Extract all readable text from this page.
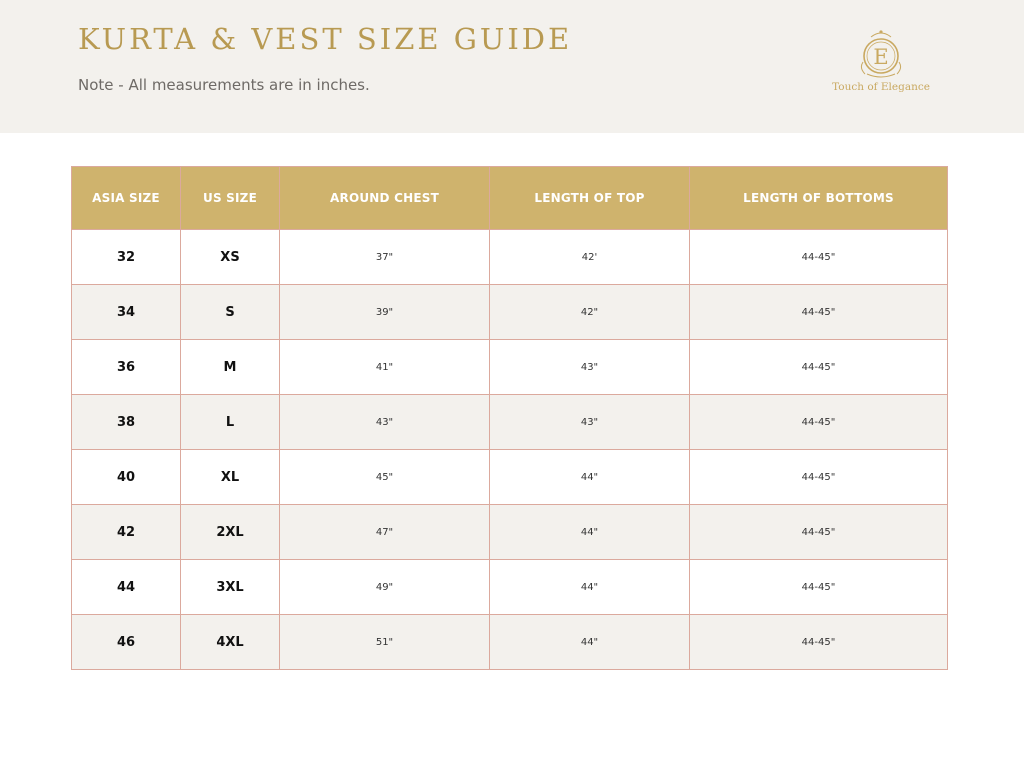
KURTA & VEST SIZE GUIDE
Note - All measurements are in inches.
E
Touch of Elegance
ASIA SIZE	US SIZE	AROUND CHEST	LENGTH OF TOP	LENGTH OF BOTTOMS
32	XS	37"	42'	44-45"
34	S	39"	42"	44-45"
36	M	41"	43"	44-45"
38	L	43"	43"	44-45"
40	XL	45"	44"	44-45"
42	2XL	47"	44"	44-45"
44	3XL	49"	44"	44-45"
46	4XL	51"	44"	44-45"
